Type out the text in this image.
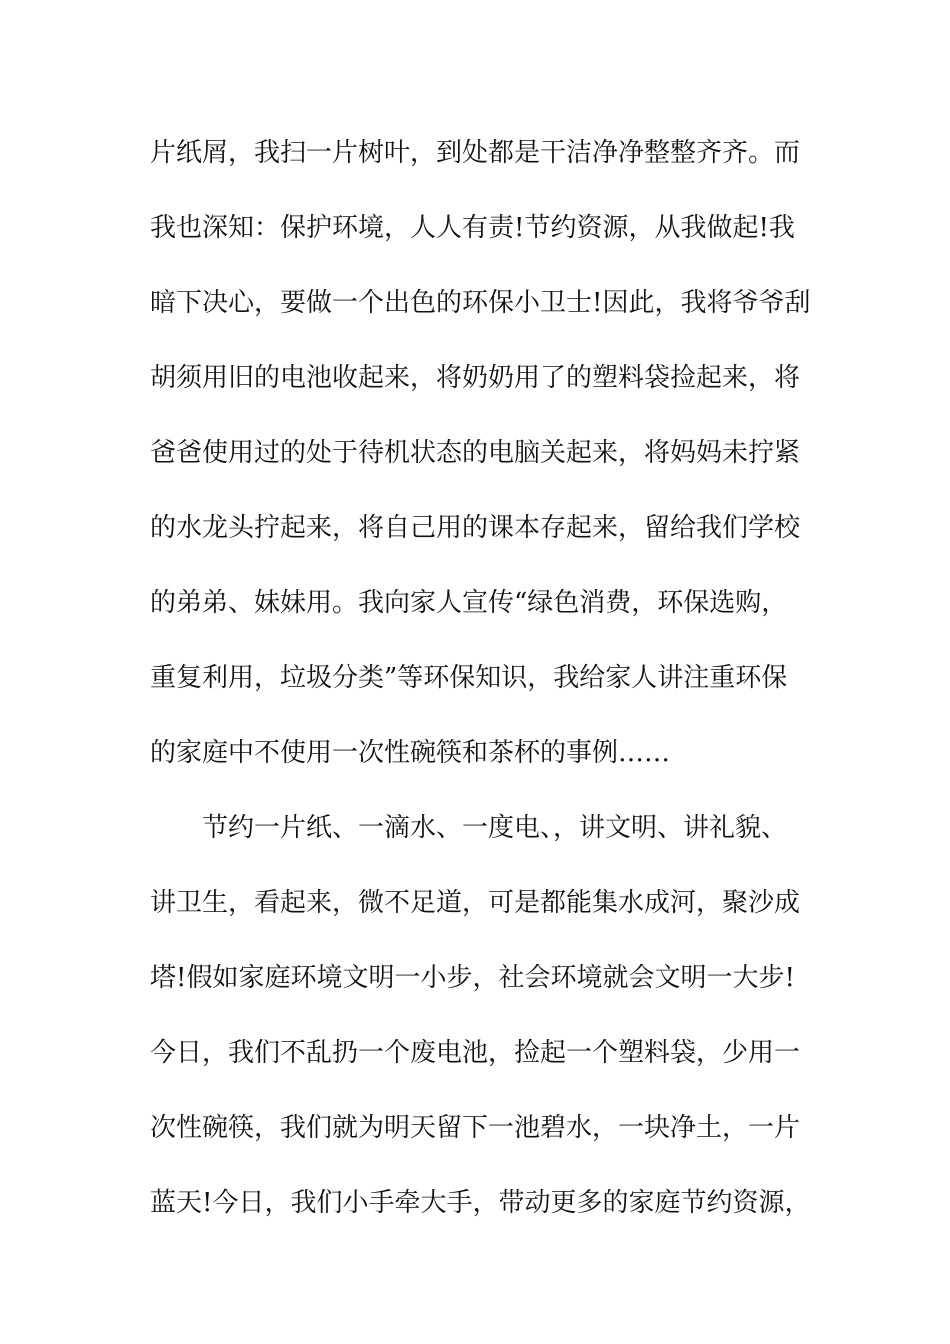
片纸屑，我扫一片树叶，到处都是干洁净净整整齐齐。而
我也深知：保护环境，人人有责!节约资源，从我做起!我
暗下决心，要做一个出色的环保小卫士!因此，我将爷爷刮
胡须用旧的电池收起来，将奶奶用了的塑料袋捡起来，将
爸爸使用过的处于待机状态的电脑关起来，将妈妈未拧紧
的水龙头拧起来，将自己用的课本存起来，留给我们学校
的弟弟、妹妹用。我向家人宣传“绿色消费，环保选购，
重复利用，垃圾分类”等环保知识，我给家人讲注重环保
的家庭中不使用一次性碗筷和茶杯的事例……
　　节约一片纸、一滴水、一度电、，讲文明、讲礼貌、
讲卫生，看起来，微不足道，可是都能集水成河，聚沙成
塔!假如家庭环境文明一小步，社会环境就会文明一大步!
今日，我们不乱扔一个废电池，捡起一个塑料袋，少用一
次性碗筷，我们就为明天留下一池碧水，一块净土，一片
蓝天!今日，我们小手牵大手，带动更多的家庭节约资源，
